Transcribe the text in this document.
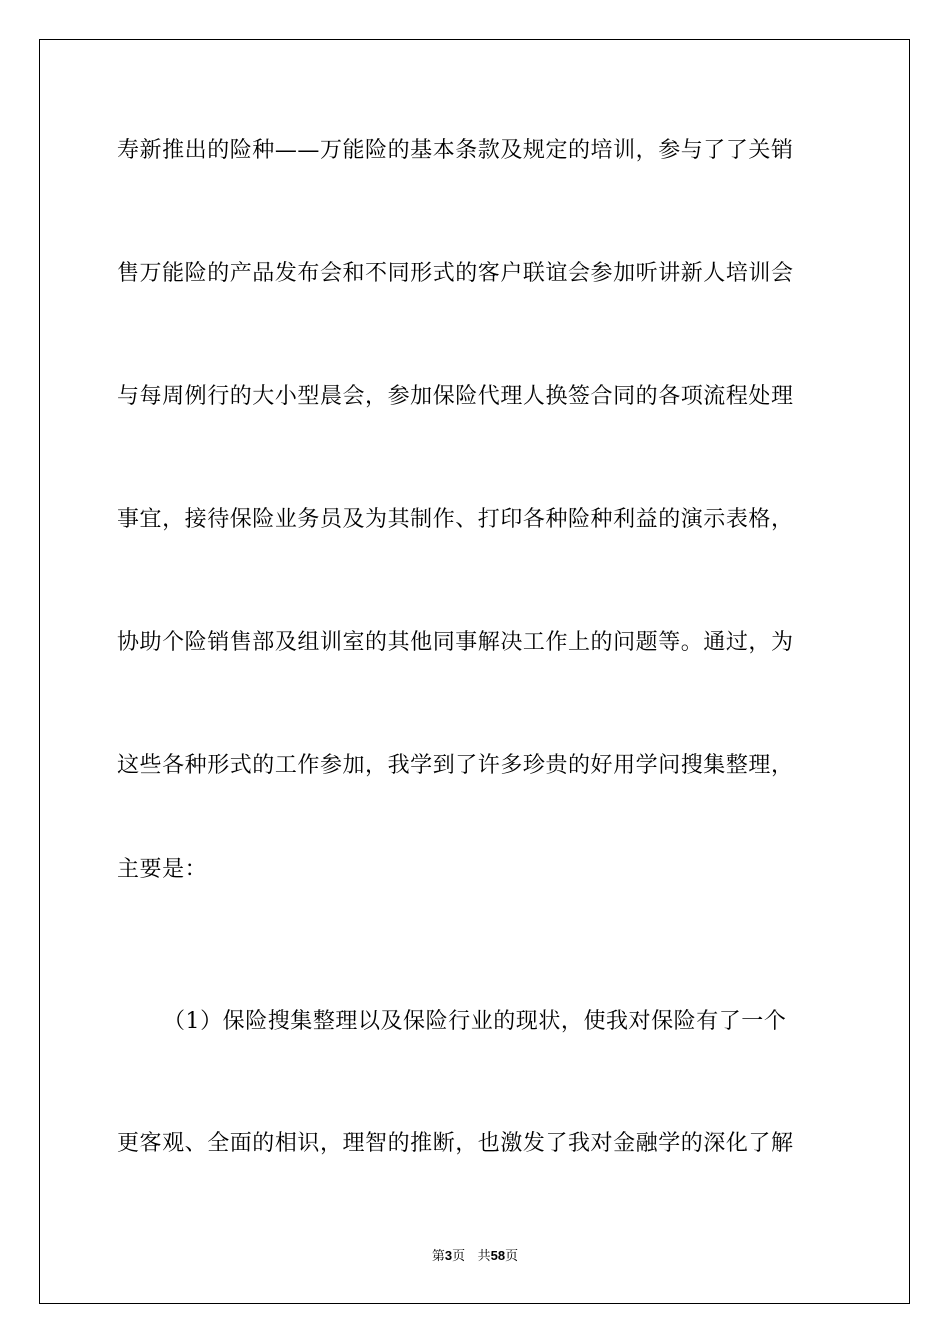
寿新推出的险种——万能险的基本条款及规定的培训，参与了了关销
售万能险的产品发布会和不同形式的客户联谊会参加听讲新人培训会
与每周例行的大小型晨会，参加保险代理人换签合同的各项流程处理
事宜，接待保险业务员及为其制作、打印各种险种利益的演示表格，
协助个险销售部及组训室的其他同事解决工作上的问题等。通过，为
这些各种形式的工作参加，我学到了许多珍贵的好用学问搜集整理，
主要是：
（1）保险搜集整理以及保险行业的现状，使我对保险有了一个
更客观、全面的相识，理智的推断，也激发了我对金融学的深化了解
第3页 共58页
